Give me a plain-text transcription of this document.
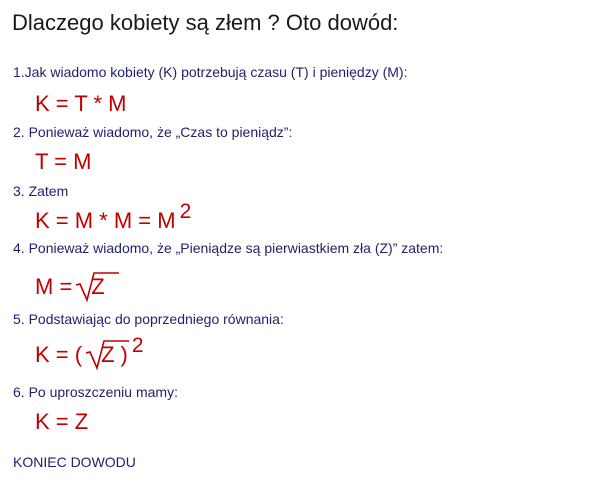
Dlaczego kobiety są złem ? Oto dowód:
1.Jak wiadomo kobiety (K) potrzebują czasu (T) i pieniędzy (M):
K = T * M
2. Ponieważ wiadomo, że „Czas to pieniądz”:
T = M
3. Zatem
K = M * M = M 2
4. Ponieważ wiadomo, że „Pieniądze są pierwiastkiem zła (Z)” zatem:
M = Z
5. Podstawiając do poprzedniego równania:
K = ( Z ) 2
6. Po uproszczeniu mamy:
K = Z
KONIEC DOWODU
